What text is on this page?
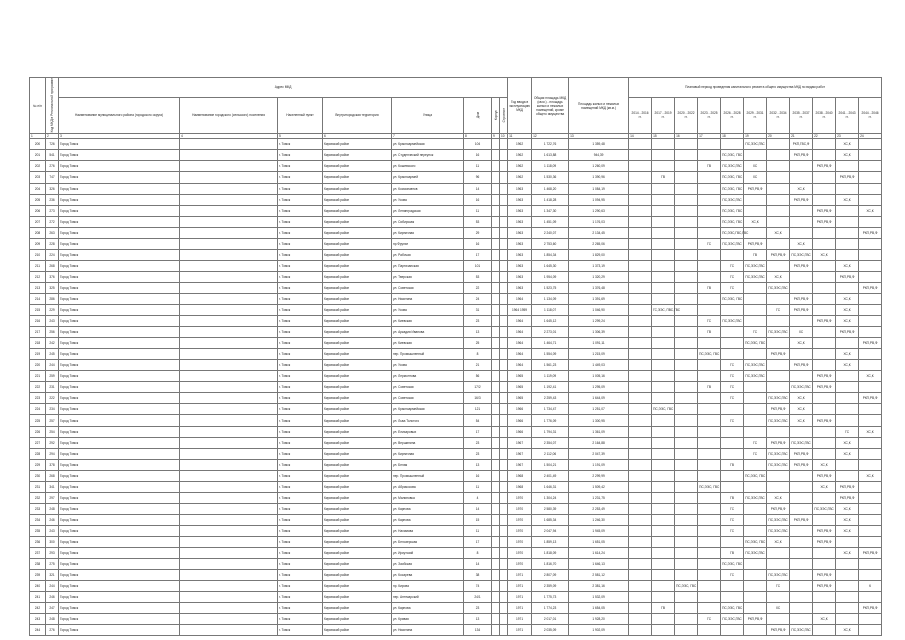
№ п/п	Код МКД в Региональной программе	Адрес МКД								Год ввода в эксплуатацию МКД	Общая площадь МКД (кв.м.) - площадь жилых и нежилых помещений, кроме общего имущества	Площадь жилых и нежилых помещений МКД (кв.м.)	Плановый период проведения капитального ремонта общего имущества МКД по видам работ										
		Наименование муниципального района (городского округа)	Наименование городского (сельского) поселения	Населенный пункт	Внутригородская территория	Улица	Дом	Корпус	Строение				2014 - 2016 гг.	2017 - 2019 гг.	2020 - 2022 гг.	2023 - 2025 гг.	2026 - 2028 гг.	2029 - 2031 гг.	2032 - 2034 гг.	2035 - 2037 гг.	2038 - 2040 гг.	2041 - 2043 гг.	2044 - 2046 гг.
1	2	3	4	5	6	7	8	9	10	11	12	13	14	15	16	17	18	19	20	21	22	23	24
200	726	Город Томск		г. Томск	Кировский район	ул. Красноармейская	104			1962	1 722,76	1 359,48						ПС,ЭЭС,ГВС		РКП,ГВС,Ф		ХС,К	
201	541	Город Томск		г. Томск	Кировский район	ул. Студенческий переулок	16			1962	1 613,88	944,39					ПС,ЭЭС, ГВС			РКП,РВ,Ф		ХС,К	
202	276	Город Томск		г. Томск	Кировский район	ул. Кошевского	11			1962	1 118,09	1 260,09				ГВ	ПС,ЭЭС,ГВС	ХС			РКП,РВ,Ф		
203	747	Город Томск		г. Томск	Кировский район	ул. Красноармей	96			1962	1 530,36	1 390,96		ГВ			ПС,ЭЭС, ГВС	ХС				РКП,РВ,Ф	
204	326	Город Томск		г. Томск	Кировский район	ул. Космонавтов	14			1963	1 468,20	1 084,19					ПС,ЭЭС, ГВС	РКП,РВ,Ф		ХС,К			
205	236	Город Томск		г. Томск	Кировский район	ул. Усова	16			1963	1 418,28	1 094,95					ПС,ЭЭС,ГВС			РКП,РВ,Ф		ХС,К	
206	273	Город Томск		г. Томск	Кировский район	ул. Ленинградская	11			1963	1 347,30	1 290,63					ПС,ЭЭС, ГВС				РКП,РВ,Ф		ХС,К
207	272	Город Томск		г. Томск	Кировский район	ул. Сибирская	53			1963	1 451,09	1 176,03					ПС,ЭЭС, ГВС	ХС,К			РКП,РВ,Ф		
208	263	Город Томск		г. Томск	Кировский район	ул. Кирпичная	29			1963	2 240,07	2 134,45					ПС,ЭЭС,ГВС,ГВС		ХС,К				РКП,РВ,Ф
209	228	Город Томск		г. Томск	Кировский район	пр.Фрунзе	16			1963	2 753,60	2 265,06				ГС	ПС,ЭЭС,ГВС	РКП,РВ,Ф		ХС,К			
210	224	Город Томск		г. Томск	Кировский район	ул. Рабочая	17			1963	1 854,34	1 829,00						ГВ	РКП,РВ,Ф	ПС,ЭЭС,ГВС	ХС,К		
211	268	Город Томск		г. Томск	Кировский район	ул. Партизанская	101			1963	1 645,30	1 373,19					ГС	ПС,ЭЭС,ГВС		РКП,РВ,Ф		ХС,К	
212	376	Город Томск		г. Томск	Кировский район	ул. Тверская	53			1963	1 954,09	1 320,29					ГС	ПС,ЭЭС,ГВС	ХС,К			РКП,РВ,Ф	
213	325	Город Томск		г. Томск	Кировский район	ул. Советская	22			1963	1 523,75	1 376,48				ГВ	ГС		ПС,ЭЭС,ГВС				РКП,РВ,Ф
214	286	Город Томск		г. Томск	Кировский район	ул. Никитина	24			1964	1 134,09	1 391,69					ПС,ЭЭС, ГВС			РКП,РВ,Ф		ХС,К	
215	229	Город Томск		г. Томск	Кировский район	ул. Усова	31			1964 1959	1 118,07	1 046,90		ГС,ЭЭС, ПВС,ГВС					ГС	РКП,РВ,Ф		ХС,К	
216	243	Город Томск		г. Томск	Кировский район	ул. Киевская	23			1964	1 645,12	1 299,24				ГС	ПС,ЭЭС,ГВС				РКП,РВ,Ф	ХС,К	
217	256	Город Томск		г. Томск	Кировский район	ул. Аркадия Иванова	13			1964	2 273,01	1 306,39				ГВ		ГС	ПС,ЭЭС,ГВС	ХС		РКП,РВ,Ф	
218	242	Город Томск		г. Томск	Кировский район	ул. Киевская	25			1964	1 464,71	1 091,11						ПС,ЭЭС, ГВС		ХС,К			РКП,РВ,Ф
219	245	Город Томск		г. Томск	Кировский район	пер. Промышленный	8			1964	1 554,09	1 215,09				ПС,ЭЭС, ГВС			РКП,РВ,Ф			ХС,К	
220	244	Город Томск		г. Томск	Кировский район	ул. Усова	21			1964	1 561,23	1 449,03					ГС	ПС,ЭЭС,ГВС		РКП,РВ,Ф		ХС,К	
221	259	Город Томск		г. Томск	Кировский район	ул. Лермонтова	56			1965	1 119,09	1 005,16					ГС	ПС,ЭЭС,ГВС			РКП,РВ,Ф		ХС,К
222	231	Город Томск		г. Томск	Кировский район	ул. Советская	17/2			1965	1 192,41	1 295,09				ГВ	ГС			ПС,ЭЭС,ГВС	РКП,РВ,Ф		
223	222	Город Томск		г. Томск	Кировский район	ул. Советская	16/3			1965	2 259,43	1 644,09					ГС		ПС,ЭЭС,ГВС	ХС,К			РКП,РВ,Ф
224	234	Город Томск		г. Томск	Кировский район	ул. Красноармейская	121			1966	1 734,47	1 251,07		ПС,ЭЭС, ГВС					РКП,РВ,Ф	ХС,К			
225	257	Город Томск		г. Томск	Кировский район	ул. Льва Толстого	54			1966	1 776,09	1 300,95					ГС		ПС,ЭЭС,ГВС	ХС,К	РКП,РВ,Ф		
226	254	Город Томск		г. Томск	Кировский район	ул. Елизаровых	17			1966	1 794,31	1 361,09										ГС	ХС,К
227	292	Город Томск		г. Томск	Кировский район	ул. Вершинина	23			1967	2 354,07	2 164,88						ГС	РКП,РВ,Ф	ПС,ЭЭС,ГВС		ХС,К	
228	294	Город Томск		г. Томск	Кировский район	ул. Кирпичная	23			1967	2 112,06	2 047,39						ГС	ПС,ЭЭС,ГВС	РКП,РВ,Ф		ХС,К	
229	378	Город Томск		г. Томск	Кировский район	ул. Белая	13			1967	1 504,21	1 191,09					ГВ		ПС,ЭЭС,ГВС	РКП,РВ,Ф	ХС,К		
230	268	Город Томск		г. Томск	Кировский район	пер. Промышленный	16			1968	2 401,49	2 299,99						ПС,ЭЭС, ГВС			РКП,РВ,Ф		ХС,К
231	341	Город Томск		г. Томск	Кировский район	ул. Абрикосова	11			1968	1 646,31	1 509,42				ПС,ЭЭС, ГВС					ХС,К	РКП,РВ,Ф	
232	297	Город Томск		г. Томск	Кировский район	ул. Малиновка	4			1970	1 304,24	1 231,75					ГВ	ПС,ЭЭС,ГВС	ХС,К			РКП,РВ,Ф	
233	248	Город Томск		г. Томск	Кировский район	ул. Карпова	14			1970	2 580,39	2 253,49					ГС		РКП,РВ,Ф		ПС,ЭЭС,ГВС	ХС,К	
234	246	Город Томск		г. Томск	Кировский район	ул. Карпова	15			1970	1 685,34	1 246,30					ГС		ПС,ЭЭС,ГВС	РКП,РВ,Ф		ХС,К	
235	243	Город Томск		г. Томск	Кировский район	ул. Нахимова	11			1970	2 047,94	1 945,09					ГС		ПС,ЭЭС,ГВС		РКП,РВ,Ф	ХС,К	
236	300	Город Томск		г. Томск	Кировский район	ул. Белозерская	17			1970	1 859,13	1 651,05						ПС,ЭЭС, ГВС	ХС,К		РКП,РВ,Ф		
237	293	Город Томск		г. Томск	Кировский район	ул. Иркутский	8			1970	1 818,09	1 614,24					ГВ	ПС,ЭЭС,ГВС				ХС,К	РКП,РВ,Ф
238	275	Город Томск		г. Томск	Кировский район	ул. Заобская	14			1970	1 816,70	1 646,13					ПС,ЭЭС, ГВС						
239	321	Город Томск		г. Томск	Кировский район	ул. Косарева	38			1971	2 807,09	2 581,12					ГС		ПС,ЭЭС,ГВС		РКП,РВ,Ф		
240	244	Город Томск		г. Томск	Кировский район	пр. Кирова	74			1971	2 359,09	2 381,16			ПС,ЭЭС, ГВС				ГС		РКП,РВ,Ф		К
241	246	Город Томск		г. Томск	Кировский район	пер. Аптекарский	24/1			1971	1 775,73	1 532,09											
242	247	Город Томск		г. Томск	Кировский район	ул. Карпова	23			1971	1 774,23	1 654,05		ГВ			ПС,ЭЭС, ГВС		ХС				РКП,РВ,Ф
243	248	Город Томск		г. Томск	Кировский район	ул. Кривая	13			1971	2 017,01	1 928,20				ГС	ПС,ЭЭС,ГВС	РКП,РВ,Ф			ХС,К		
244	276	Город Томск		г. Томск	Кировский район	ул. Никитина	134			1971	2 035,09	1 902,09							РКП,РВ,Ф	ПС,ЭЭС,ГВС		ХС,К	
